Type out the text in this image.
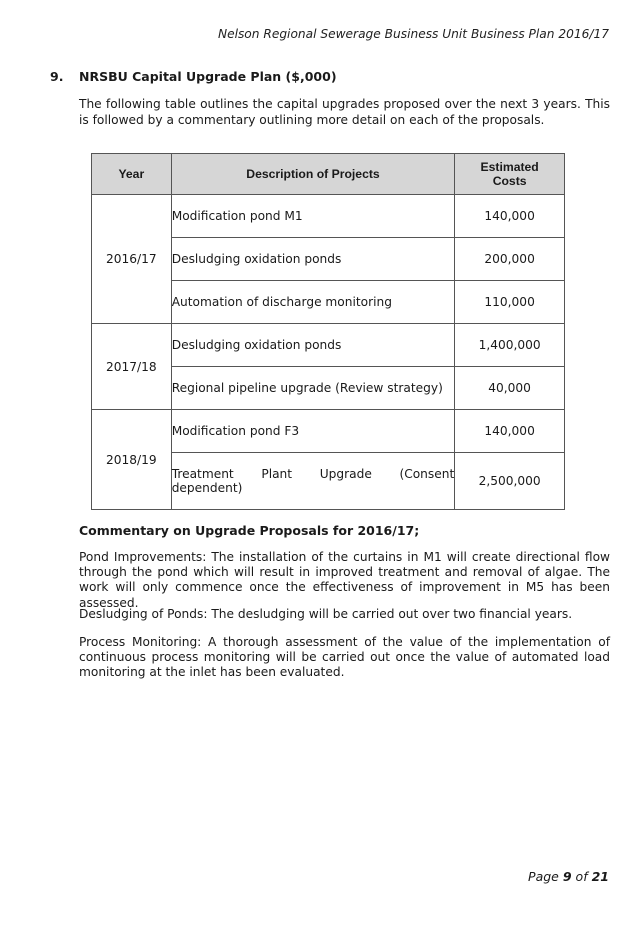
Nelson Regional Sewerage Business Unit Business Plan 2016/17
9. NRSBU Capital Upgrade Plan ($,000)
The following table outlines the capital upgrades proposed over the next 3 years. This is followed by a commentary outlining more detail on each of the proposals.
Year	Description of Projects	Estimated
Costs
2016/17	Modification pond M1	140,000
	Desludging oxidation ponds	200,000
	Automation of discharge monitoring	110,000
2017/18	Desludging oxidation ponds	1,400,000
	Regional pipeline upgrade (Review strategy)	40,000
2018/19	Modification pond F3	140,000
	Treatment Plant Upgrade (Consent dependent)	2,500,000
Commentary on Upgrade Proposals for 2016/17;
Pond Improvements: The installation of the curtains in M1 will create directional flow through the pond which will result in improved treatment and removal of algae. The work will only commence once the effectiveness of improvement in M5 has been assessed.
Desludging of Ponds: The desludging will be carried out over two financial years.
Process Monitoring: A thorough assessment of the value of the implementation of continuous process monitoring will be carried out once the value of automated load monitoring at the inlet has been evaluated.
Page 9 of 21
